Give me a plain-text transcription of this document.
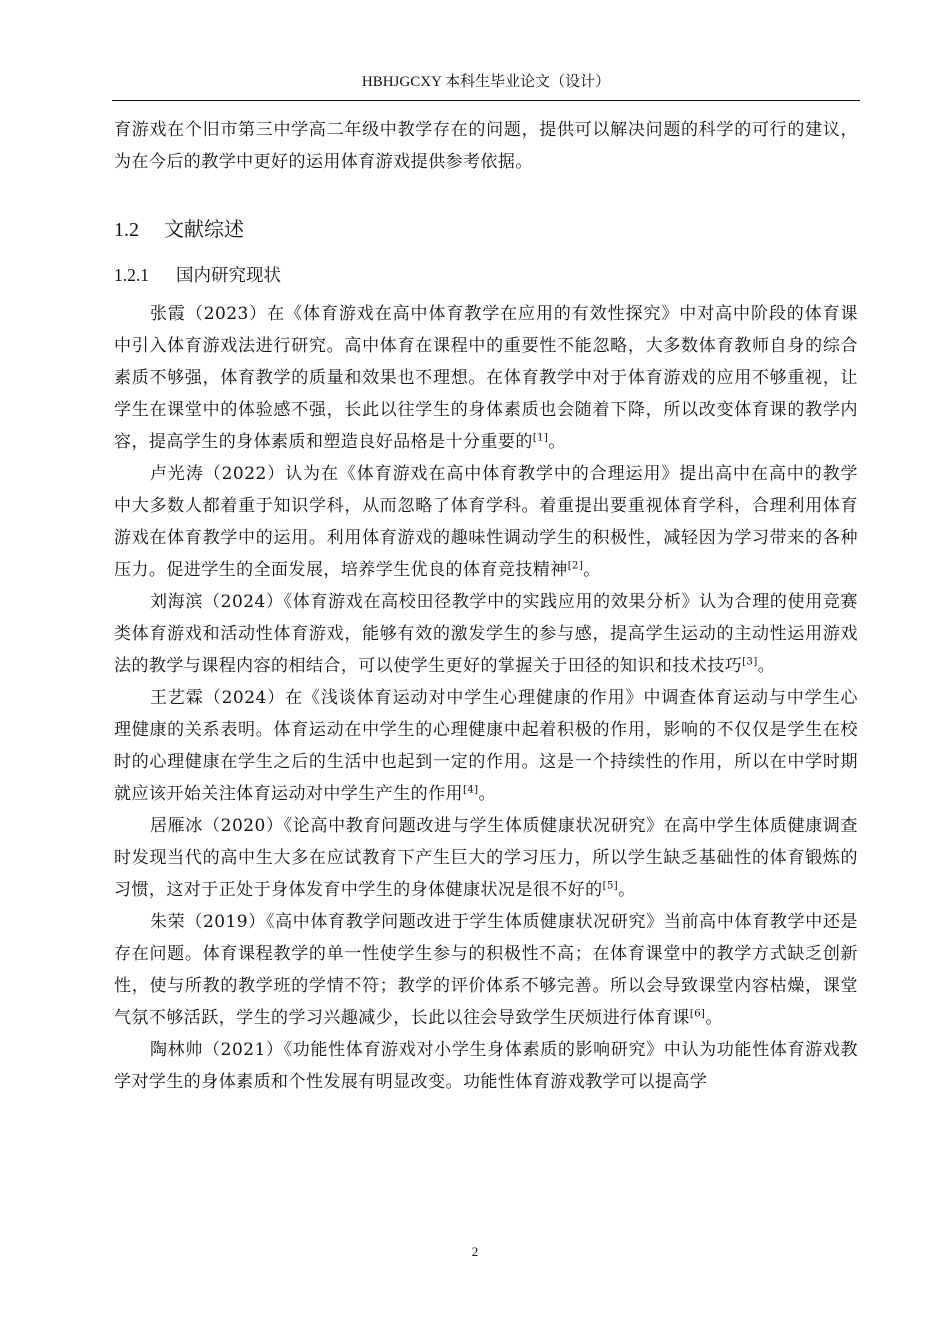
HBHJGCXY 本科生毕业论文（设计）

育游戏在个旧市第三中学高二年级中教学存在的问题，提供可以解决问题的科学的可行的建议，为在今后的教学中更好的运用体育游戏提供参考依据。

1.2 文献综述
1.2.1 国内研究现状

张霞（2023）在《体育游戏在高中体育教学在应用的有效性探究》中对高中阶段的体育课中引入体育游戏法进行研究。高中体育在课程中的重要性不能忽略，大多数体育教师自身的综合素质不够强，体育教学的质量和效果也不理想。在体育教学中对于体育游戏的应用不够重视，让学生在课堂中的体验感不强，长此以往学生的身体素质也会随着下降，所以改变体育课的教学内容，提高学生的身体素质和塑造良好品格是十分重要的[1]。

卢光涛（2022）认为在《体育游戏在高中体育教学中的合理运用》提出高中在高中的教学中大多数人都着重于知识学科，从而忽略了体育学科。着重提出要重视体育学科，合理利用体育游戏在体育教学中的运用。利用体育游戏的趣味性调动学生的积极性，减轻因为学习带来的各种压力。促进学生的全面发展，培养学生优良的体育竞技精神[2]。

刘海滨（2024）《体育游戏在高校田径教学中的实践应用的效果分析》认为合理的使用竞赛类体育游戏和活动性体育游戏，能够有效的激发学生的参与感，提高学生运动的主动性运用游戏法的教学与课程内容的相结合，可以使学生更好的掌握关于田径的知识和技术技巧[3]。

王艺霖（2024）在《浅谈体育运动对中学生心理健康的作用》中调查体育运动与中学生心理健康的关系表明。体育运动在中学生的心理健康中起着积极的作用，影响的不仅仅是学生在校时的心理健康在学生之后的生活中也起到一定的作用。这是一个持续性的作用，所以在中学时期就应该开始关注体育运动对中学生产生的作用[4]。

居雁冰（2020）《论高中教育问题改进与学生体质健康状况研究》在高中学生体质健康调查时发现当代的高中生大多在应试教育下产生巨大的学习压力，所以学生缺乏基础性的体育锻炼的习惯，这对于正处于身体发育中学生的身体健康状况是很不好的[5]。

朱荣（2019）《高中体育教学问题改进于学生体质健康状况研究》当前高中体育教学中还是存在问题。体育课程教学的单一性使学生参与的积极性不高；在体育课堂中的教学方式缺乏创新性，使与所教的教学班的学情不符；教学的评价体系不够完善。所以会导致课堂内容枯燥，课堂气氛不够活跃，学生的学习兴趣减少，长此以往会导致学生厌烦进行体育课[6]。

陶林帅（2021）《功能性体育游戏对小学生身体素质的影响研究》中认为功能性体育游戏教学对学生的身体素质和个性发展有明显改变。功能性体育游戏教学可以提高学

2
